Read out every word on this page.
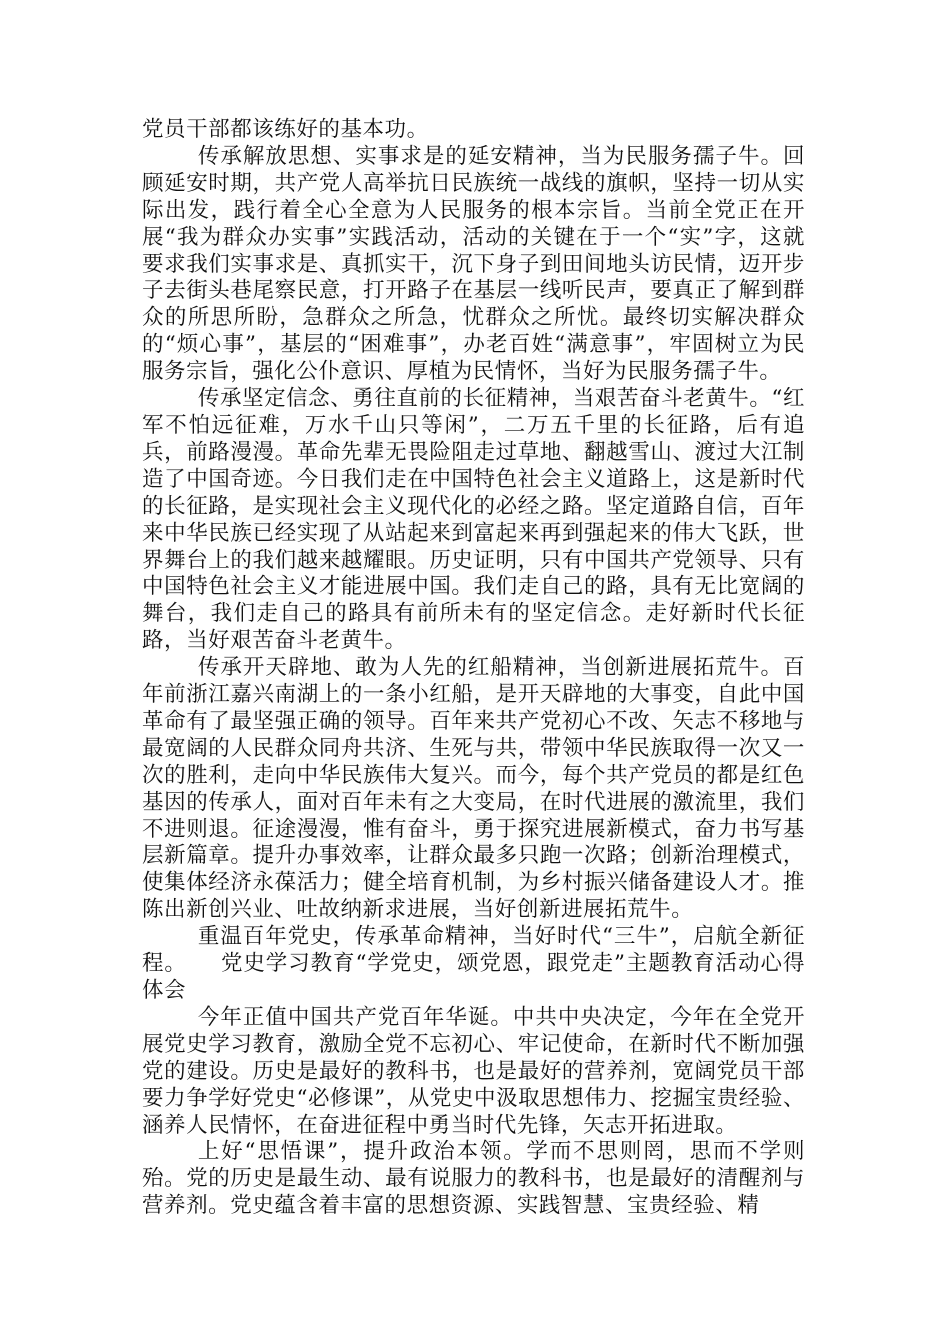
党员干部都该练好的基本功。

传承解放思想、实事求是的延安精神，当为民服务孺子牛。回顾延安时期，共产党人高举抗日民族统一战线的旗帜，坚持一切从实际出发，践行着全心全意为人民服务的根本宗旨。当前全党正在开展“我为群众办实事”实践活动，活动的关键在于一个“实”字，这就要求我们实事求是、真抓实干，沉下身子到田间地头访民情，迈开步子去街头巷尾察民意，打开路子在基层一线听民声，要真正了解到群众的所思所盼，急群众之所急，忧群众之所忧。最终切实解决群众的“烦心事”，基层的“困难事”，办老百姓“满意事”，牢固树立为民服务宗旨，强化公仆意识、厚植为民情怀，当好为民服务孺子牛。

传承坚定信念、勇往直前的长征精神，当艰苦奋斗老黄牛。“红军不怕远征难，万水千山只等闲”，二万五千里的长征路，后有追兵，前路漫漫。革命先辈无畏险阻走过草地、翻越雪山、渡过大江制造了中国奇迹。今日我们走在中国特色社会主义道路上，这是新时代的长征路，是实现社会主义现代化的必经之路。坚定道路自信，百年来中华民族已经实现了从站起来到富起来再到强起来的伟大飞跃，世界舞台上的我们越来越耀眼。历史证明，只有中国共产党领导、只有中国特色社会主义才能进展中国。我们走自己的路，具有无比宽阔的舞台，我们走自己的路具有前所未有的坚定信念。走好新时代长征路，当好艰苦奋斗老黄牛。

传承开天辟地、敢为人先的红船精神，当创新进展拓荒牛。百年前浙江嘉兴南湖上的一条小红船，是开天辟地的大事变，自此中国革命有了最坚强正确的领导。百年来共产党初心不改、矢志不移地与最宽阔的人民群众同舟共济、生死与共，带领中华民族取得一次又一次的胜利，走向中华民族伟大复兴。而今，每个共产党员的都是红色基因的传承人，面对百年未有之大变局，在时代进展的激流里，我们不进则退。征途漫漫，惟有奋斗，勇于探究进展新模式，奋力书写基层新篇章。提升办事效率，让群众最多只跑一次路；创新治理模式，使集体经济永葆活力；健全培育机制，为乡村振兴储备建设人才。推陈出新创兴业、吐故纳新求进展，当好创新进展拓荒牛。

重温百年党史，传承革命精神，当好时代“三牛”，启航全新征程。　　党史学习教育“学党史，颂党恩，跟党走”主题教育活动心得体会

今年正值中国共产党百年华诞。中共中央决定，今年在全党开展党史学习教育，激励全党不忘初心、牢记使命，在新时代不断加强党的建设。历史是最好的教科书，也是最好的营养剂，宽阔党员干部要力争学好党史“必修课”，从党史中汲取思想伟力、挖掘宝贵经验、涵养人民情怀，在奋进征程中勇当时代先锋，矢志开拓进取。

上好“思悟课”，提升政治本领。学而不思则罔，思而不学则殆。党的历史是最生动、最有说服力的教科书，也是最好的清醒剂与营养剂。党史蕴含着丰富的思想资源、实践智慧、宝贵经验、精
